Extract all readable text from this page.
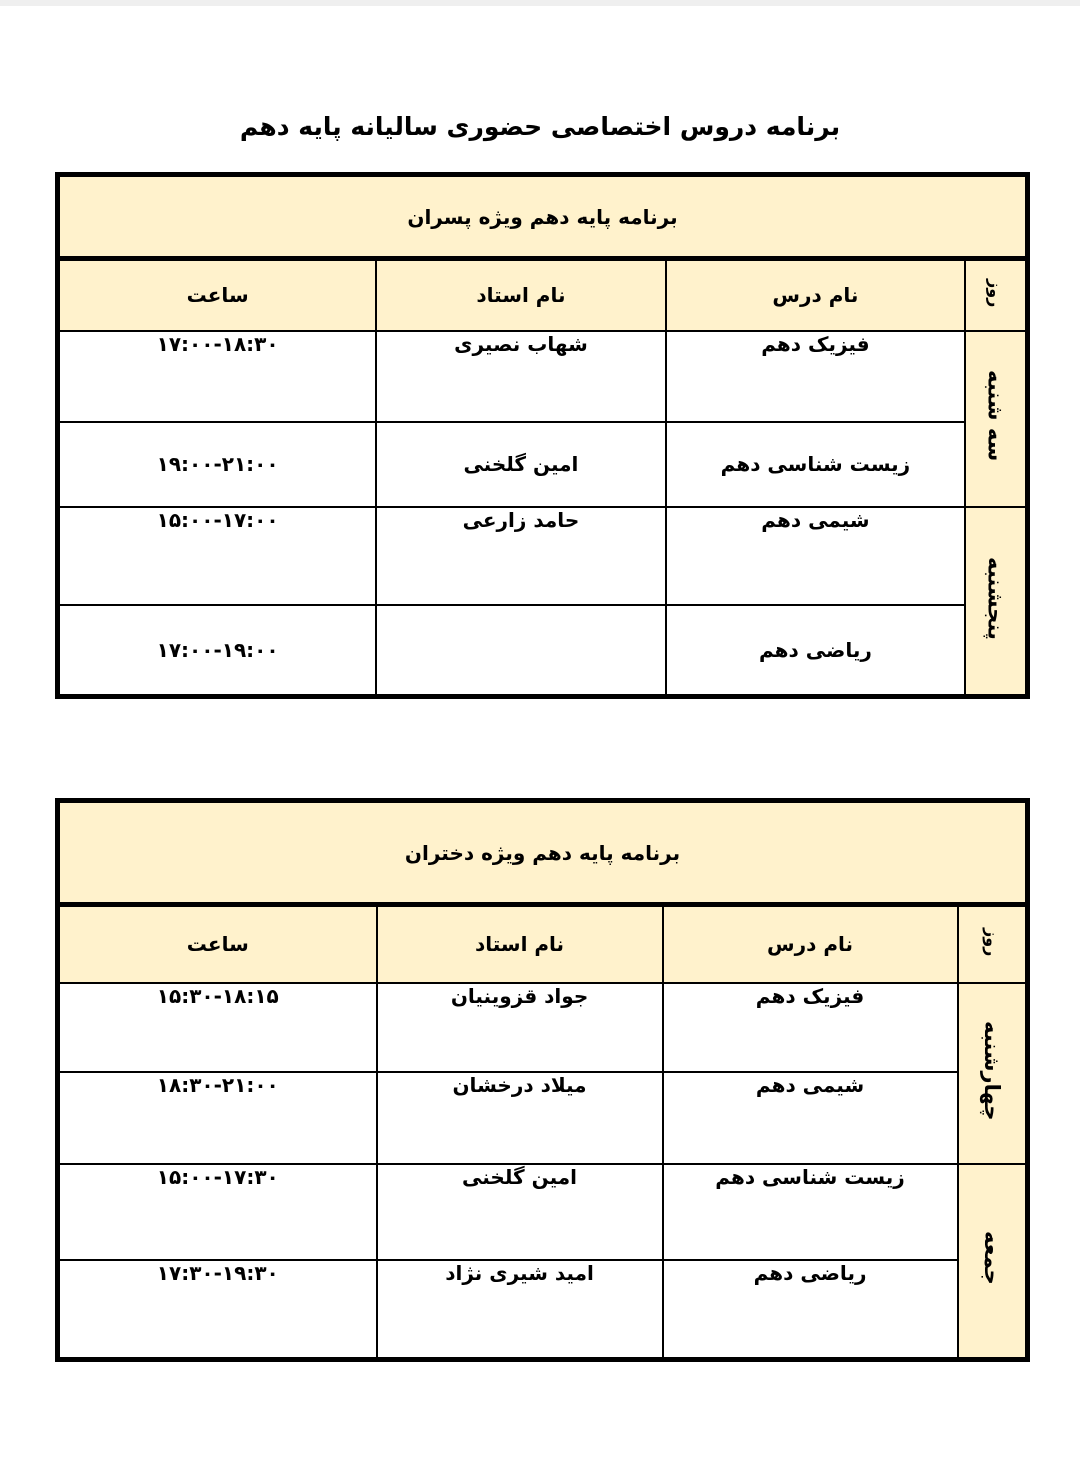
برنامه دروس اختصاصی حضوری سالیانه پایه دهم
برنامه پایه دهم ویژه پسران			
روز	نام درس	نام استاد	ساعت
سه شنبه	فیزیک دهم	شهاب نصیری	۱۷:۰۰-۱۸:۳۰
	زیست شناسی دهم	امین گلخنی	۱۹:۰۰-۲۱:۰۰
پنجشنبه	شیمی دهم	حامد زارعی	۱۵:۰۰-۱۷:۰۰
	ریاضی دهم		۱۷:۰۰-۱۹:۰۰
برنامه پایه دهم ویژه دختران			
روز	نام درس	نام استاد	ساعت
چهارشنبه	فیزیک دهم	جواد قزوینیان	۱۵:۳۰-۱۸:۱۵
	شیمی دهم	میلاد درخشان	۱۸:۳۰-۲۱:۰۰
جمعه	زیست شناسی دهم	امین گلخنی	۱۵:۰۰-۱۷:۳۰
	ریاضی دهم	امید شیری نژاد	۱۷:۳۰-۱۹:۳۰
